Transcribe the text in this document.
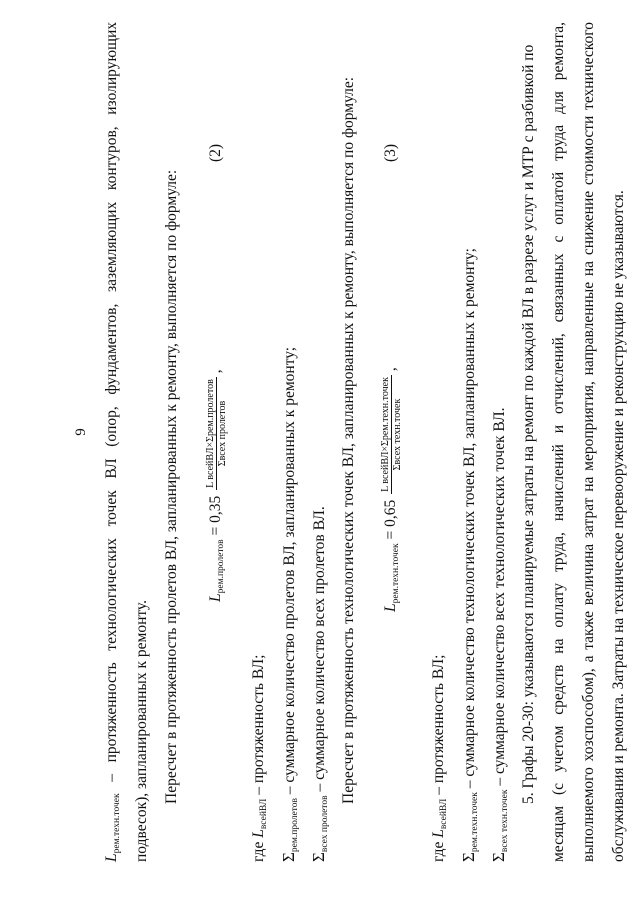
9
$L_{рем.техн.точек}$ – протяженность технологических точек ВЛ (опор, фундаментов, заземляющих контуров, изолирующих подвесок), запланированных к ремонту. Пересчет в протяженность пролетов ВЛ, запланированных к ремонту, выполняется по формуле: $L_{рем.пролетов} = 0,35$
L всейВЛ×Σрем.пролетов Σвсех пролетов
,
(2)
где $L_{всейВЛ}$ – протяженность ВЛ;
$\Sigma_{рем.пролетов}$ – суммарное количество пролетов ВЛ, запланированных к ремонту;
$\Sigma_{всех пролетов}$ – суммарное количество всех пролетов ВЛ. Пересчет в протяженность технологических точек ВЛ, запланированных к ремонту, выполняется по формуле: $L_{рем.техн.точек} = 0,65$
L всейВЛ×Σрем.техн.точек Σвсех техн.точек
,
(3)
где $L_{всейВЛ}$ – протяженность ВЛ;
$\Sigma_{рем.техн.точек}$ – суммарное количество технологических точек ВЛ, запланированных к ремонту;
$\Sigma_{всех техн.точек}$ – суммарное количество всех технологических точек ВЛ. 5. Графы 20-30: указываются планируемые затраты на ремонт по каждой ВЛ в разрезе услуг и МТР с разбивкой по месяцам (с учетом средств на оплату труда, начислений и отчислений, связанных с оплатой труда для ремонта, выполняемого хозспособом), а также величина затрат на мероприятия, направленные на снижение стоимости технического обслуживания и ремонта. Затраты на техническое перевооружение и реконструкцию не указываются.
